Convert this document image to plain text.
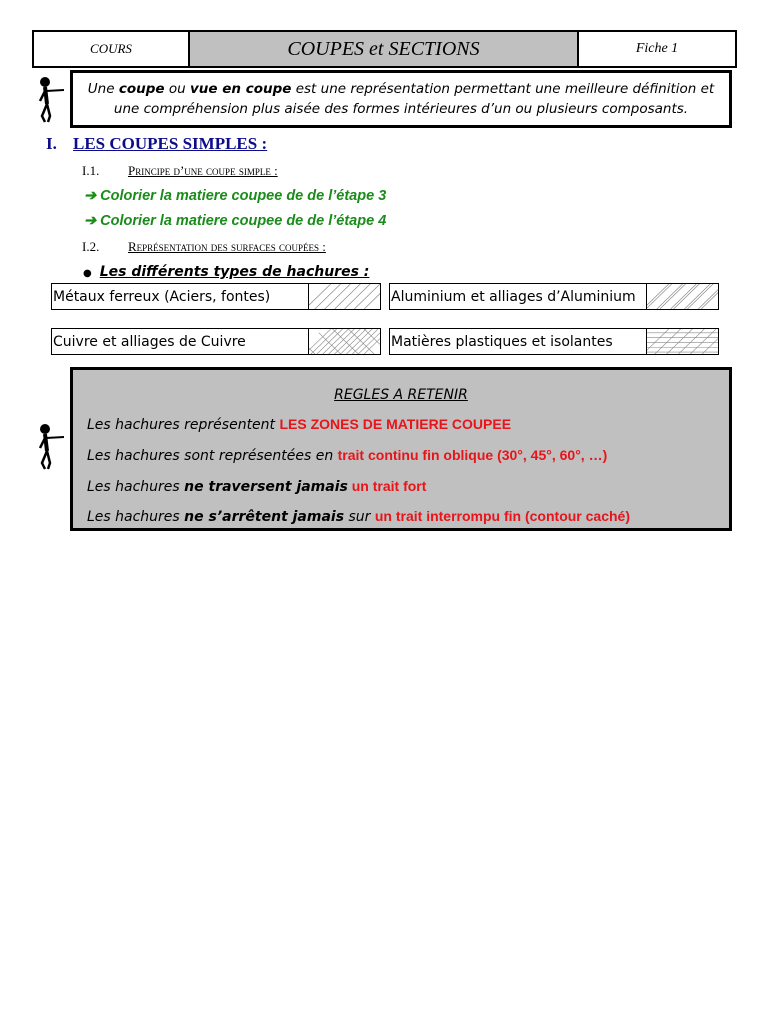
COURS	COUPES et SECTIONS	Fiche 1
Une coupe ou vue en coupe est une représentation permettant une meilleure définition et une compréhension plus aisée des formes intérieures d’un ou plusieurs composants.
I. LES COUPES SIMPLES :
I.1. Principe d’une coupe simple :
➔ Colorier la matiere coupee de de l’étape 3
➔ Colorier la matiere coupee de de l’étape 4
I.2. Représentation des surfaces coupées :
● Les différents types de hachures :
Métaux ferreux (Aciers, fontes)	Aluminium et alliages d’Aluminium
Cuivre et alliages de Cuivre	Matières plastiques et isolantes
REGLES A RETENIR
Les hachures représentent LES ZONES DE MATIERE COUPEE
Les hachures sont représentées en trait continu fin oblique (30°, 45°, 60°, …)
Les hachures ne traversent jamais un trait fort
Les hachures ne s’arrêtent jamais sur un trait interrompu fin (contour caché)
